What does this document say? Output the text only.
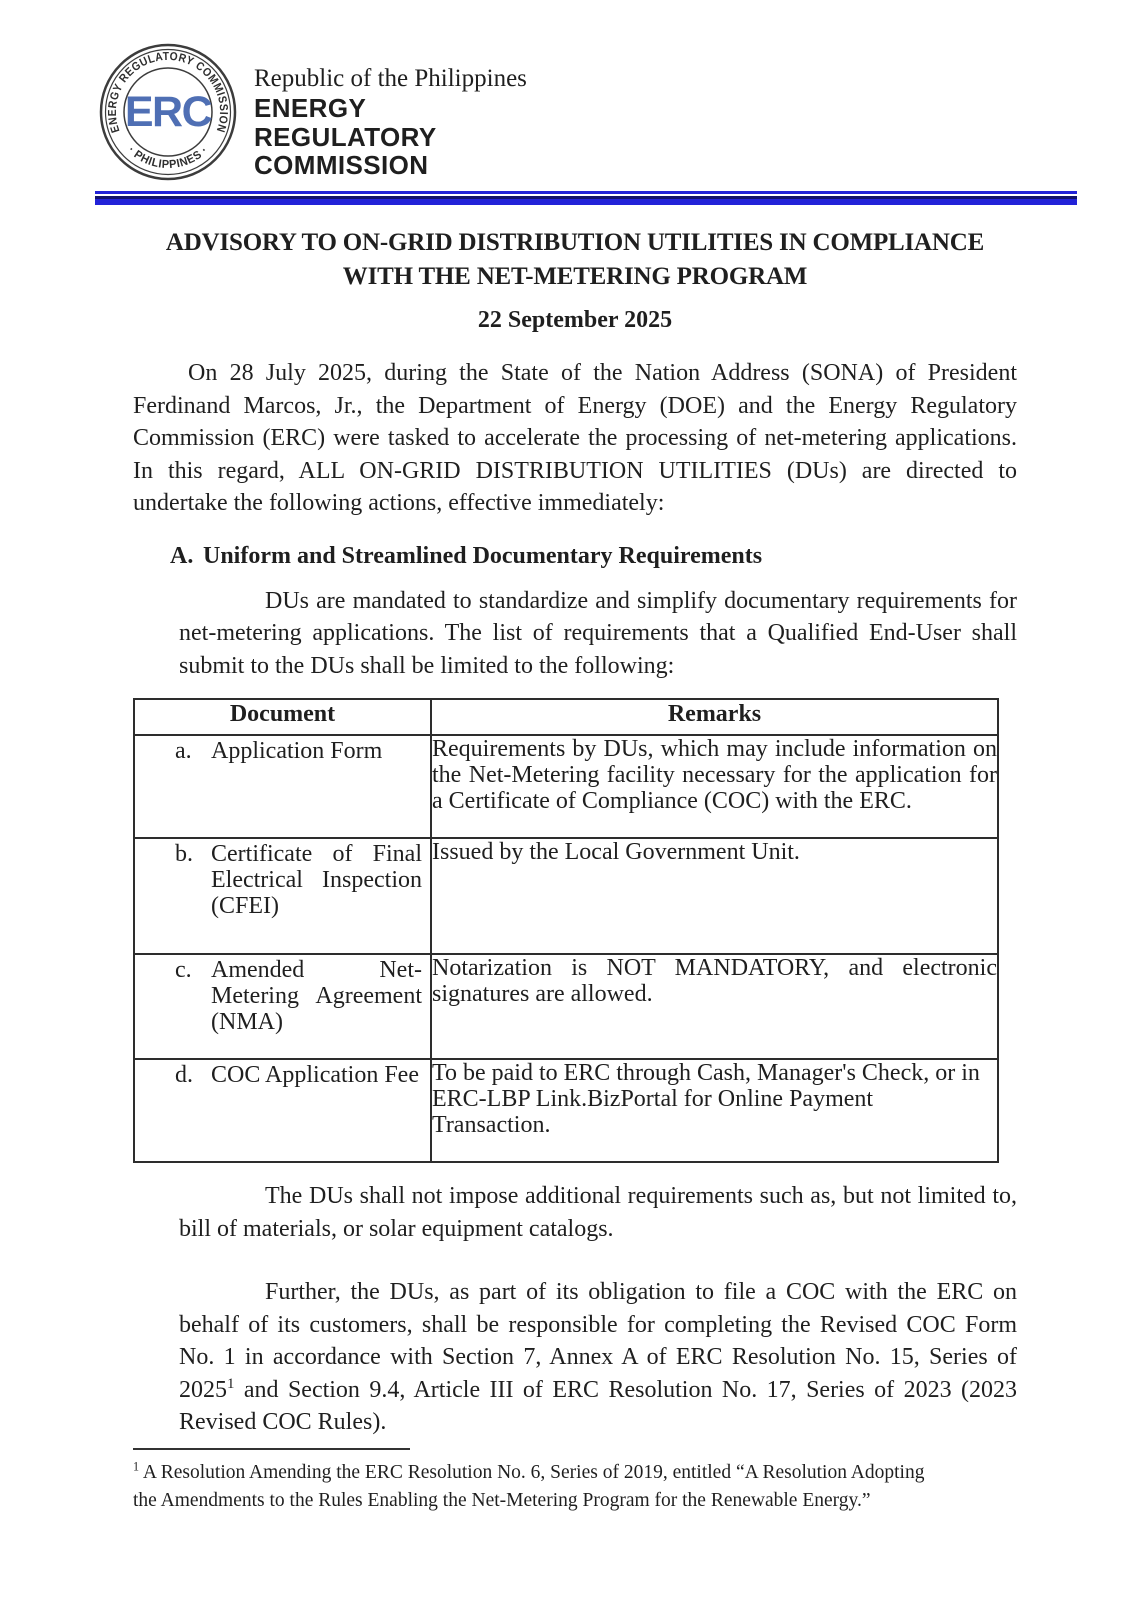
ENERGY REGULATORY COMMISSION
· PHILIPPINES ·
ERC
Republic of the Philippines
ENERGY
REGULATORY
COMMISSION
ADVISORY TO ON-GRID DISTRIBUTION UTILITIES IN COMPLIANCE
WITH THE NET-METERING PROGRAM
22 September 2025

On 28 July 2025, during the State of the Nation Address (SONA) of President Ferdinand Marcos, Jr., the Department of Energy (DOE) and the Energy Regulatory Commission (ERC) were tasked to accelerate the processing of net-metering applications. In this regard, ALL ON-GRID DISTRIBUTION UTILITIES (DUs) are directed to undertake the following actions, effective immediately:

A. Uniform and Streamlined Documentary Requirements

DUs are mandated to standardize and simplify documentary requirements for net-metering applications. The list of requirements that a Qualified End-User shall submit to the DUs shall be limited to the following:

Document	Remarks

a. Application Form	Requirements by DUs, which may include information on the Net-Metering facility necessary for the application for a Certificate of Compliance (COC) with the ERC.

b. Certificate of Final Electrical Inspection (CFEI)	Issued by the Local Government Unit.

c. Amended Net-Metering Agreement (NMA)	Notarization is NOT MANDATORY, and electronic signatures are allowed.

d. COC Application Fee	To be paid to ERC through Cash, Manager's Check, or in ERC-LBP Link.BizPortal for Online Payment Transaction.

The DUs shall not impose additional requirements such as, but not limited to, bill of materials, or solar equipment catalogs.

Further, the DUs, as part of its obligation to file a COC with the ERC on behalf of its customers, shall be responsible for completing the Revised COC Form No. 1 in accordance with Section 7, Annex A of ERC Resolution No. 15, Series of 2025$^1$ and Section 9.4, Article III of ERC Resolution No. 17, Series of 2023 (2023 Revised COC Rules).

$^1$ A Resolution Amending the ERC Resolution No. 6, Series of 2019, entitled “A Resolution Adopting the Amendments to the Rules Enabling the Net-Metering Program for the Renewable Energy.”
